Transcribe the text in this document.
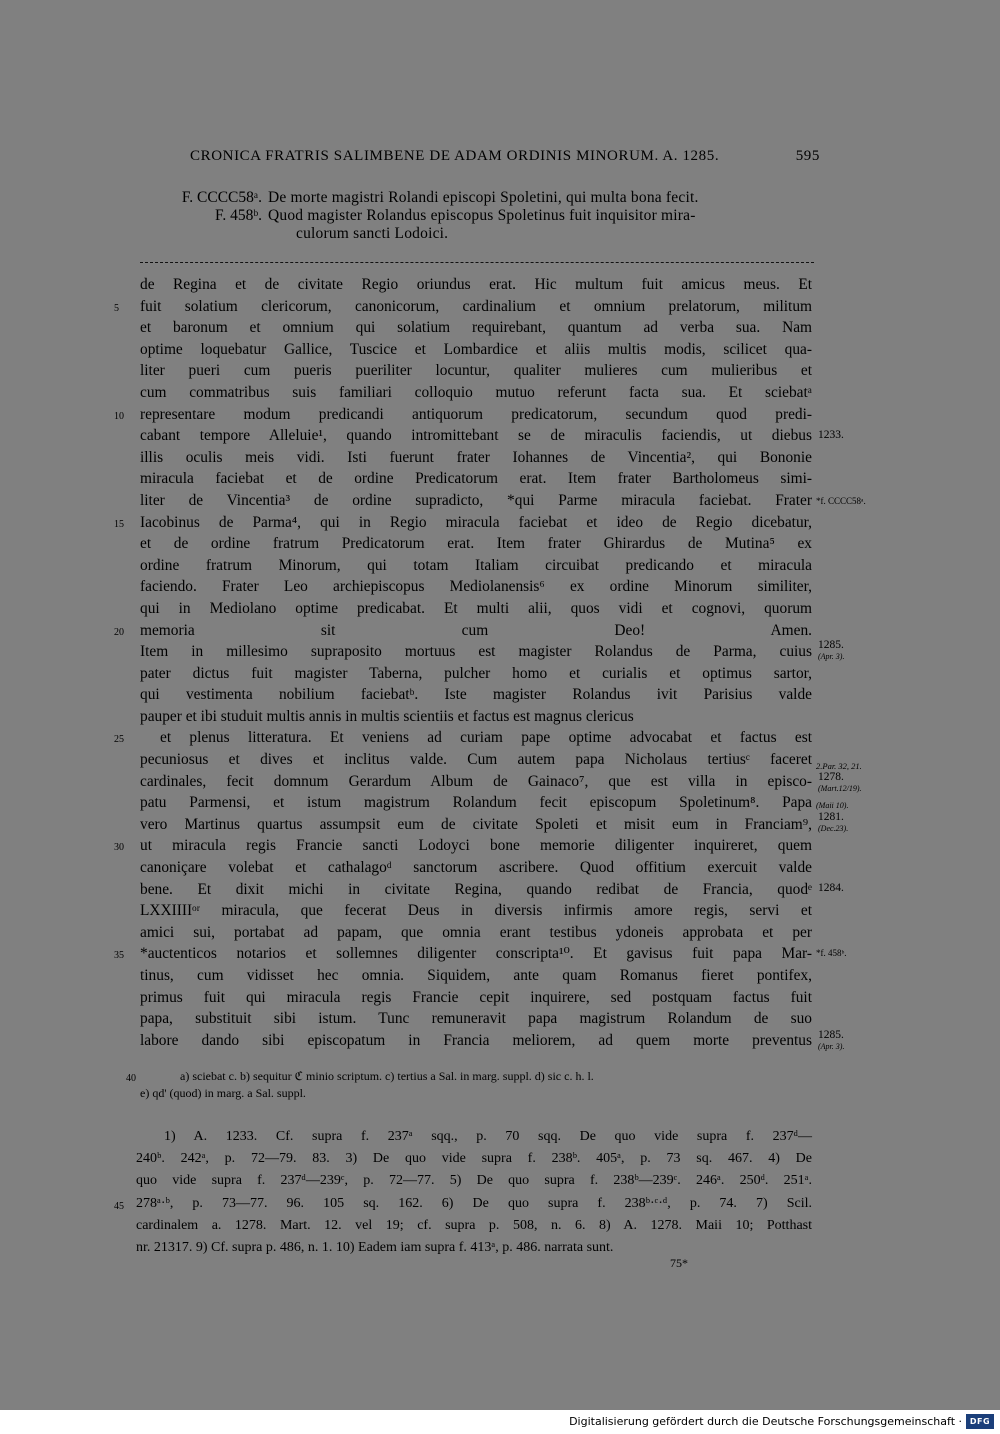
CRONICA FRATRIS SALIMBENE DE ADAM ORDINIS MINORUM. A. 1285.	595
F. CCCC58ᵃ. De morte magistri Rolandi episcopi Spoletini, qui multa bona fecit.
F. 458ᵇ. Quod magister Rolandus episcopus Spoletinus fuit inquisitor mira-
culorum sancti Lodoici.
de Regina et de civitate Regio oriundus erat. Hic multum fuit amicus meus. Et
5	fuit solatium clericorum, canonicorum, cardinalium et omnium prelatorum, militum
et baronum et omnium qui solatium requirebant, quantum ad verba sua. Nam
optime loquebatur Gallice, Tuscice et Lombardice et aliis multis modis, scilicet qua-
liter pueri cum pueris pueriliter locuntur, qualiter mulieres cum mulieribus et
cum commatribus suis familiari colloquio mutuo referunt facta sua. Et sciebatᵃ
10	representare modum predicandi antiquorum predicatorum, secundum quod predi-
cabant tempore Alleluie¹, quando intromittebant se de miraculis faciendis, ut diebus
illis oculis meis vidi. Isti fuerunt frater Iohannes de Vincentia², qui Bononie
miracula faciebat et de ordine Predicatorum erat. Item frater Bartholomeus simi-
liter de Vincentia³ de ordine supradicto, *qui Parme miracula faciebat. Frater
15	Iacobinus de Parma⁴, qui in Regio miracula faciebat et ideo de Regio dicebatur,
et de ordine fratrum Predicatorum erat. Item frater Ghirardus de Mutina⁵ ex
ordine fratrum Minorum, qui totam Italiam circuibat predicando et miracula
faciendo. Frater Leo archiepiscopus Mediolanensis⁶ ex ordine Minorum similiter,
qui in Mediolano optime predicabat. Et multi alii, quos vidi et cognovi, quorum
20	memoria sit cum Deo! Amen.
Item in millesimo supraposito mortuus est magister Rolandus de Parma, cuius
pater dictus fuit magister Taberna, pulcher homo et curialis et optimus sartor,
qui vestimenta nobilium faciebatᵇ. Iste magister Rolandus ivit Parisius valde
pauper et ibi studuit multis annis in multis scientiis et factus est magnus clericus
25	et plenus litteratura. Et veniens ad curiam pape optime advocabat et factus est
pecuniosus et dives et inclitus valde. Cum autem papa Nicholaus tertiusᶜ faceret
cardinales, fecit domnum Gerardum Album de Gainaco⁷, que est villa in episco-
patu Parmensi, et istum magistrum Rolandum fecit episcopum Spoletinum⁸. Papa
vero Martinus quartus assumpsit eum de civitate Spoleti et misit eum in Franciam⁹,
30	ut miracula regis Francie sancti Lodoyci bone memorie diligenter inquireret, quem
canoniçare volebat et cathalagoᵈ sanctorum ascribere. Quod offitium exercuit valde
bene. Et dixit michi in civitate Regina, quando redibat de Francia, quodᵉ
LXXIIIIᵒʳ miracula, que fecerat Deus in diversis infirmis amore regis, servi et
amici sui, portabat ad papam, que omnia erant testibus ydoneis approbata et per
35	*auctenticos notarios et sollemnes diligenter conscripta¹⁰. Et gavisus fuit papa Mar-
tinus, cum vidisset hec omnia. Siquidem, ante quam Romanus fieret pontifex,
primus fuit qui miracula regis Francie cepit inquirere, sed postquam factus fuit
papa, substituit sibi istum. Tunc remuneravit papa magistrum Rolandum de suo
labore dando sibi episcopatum in Francia meliorem, ad quem morte preventus
1233.
*f. CCCC58ᵃ.
1285.
(Apr. 3).
2.Par. 32, 21.
1278.
(Mart.12/19).
(Maii 10).
1281.
(Dec.23).
1284.
*f. 458ᵇ.
1285.
(Apr. 3).
40	a) sciebat c. b) sequitur ℭ minio scriptum. c) tertius a Sal. in marg. suppl. d) sic c. h. l.
e) qd' (quod) in marg. a Sal. suppl.
1) A. 1233. Cf. supra f. 237ᵃ sqq., p. 70 sqq. De quo vide supra f. 237ᵈ—
240ᵇ. 242ᵃ, p. 72—79. 83. 3) De quo vide supra f. 238ᵇ. 405ᵃ, p. 73 sq. 467. 4) De
quo vide supra f. 237ᵈ—239ᶜ, p. 72—77. 5) De quo supra f. 238ᵇ—239ᶜ. 246ᵃ. 250ᵈ. 251ᵃ.
45 278ᵃ·ᵇ, p. 73—77. 96. 105 sq. 162. 6) De quo supra f. 238ᵇ·ᶜ·ᵈ, p. 74. 7) Scil.
cardinalem a. 1278. Mart. 12. vel 19; cf. supra p. 508, n. 6. 8) A. 1278. Maii 10; Potthast
nr. 21317. 9) Cf. supra p. 486, n. 1. 10) Eadem iam supra f. 413ᵃ, p. 486. narrata sunt.
75*
Digitalisierung gefördert durch die Deutsche Forschungsgemeinschaft · DFG
